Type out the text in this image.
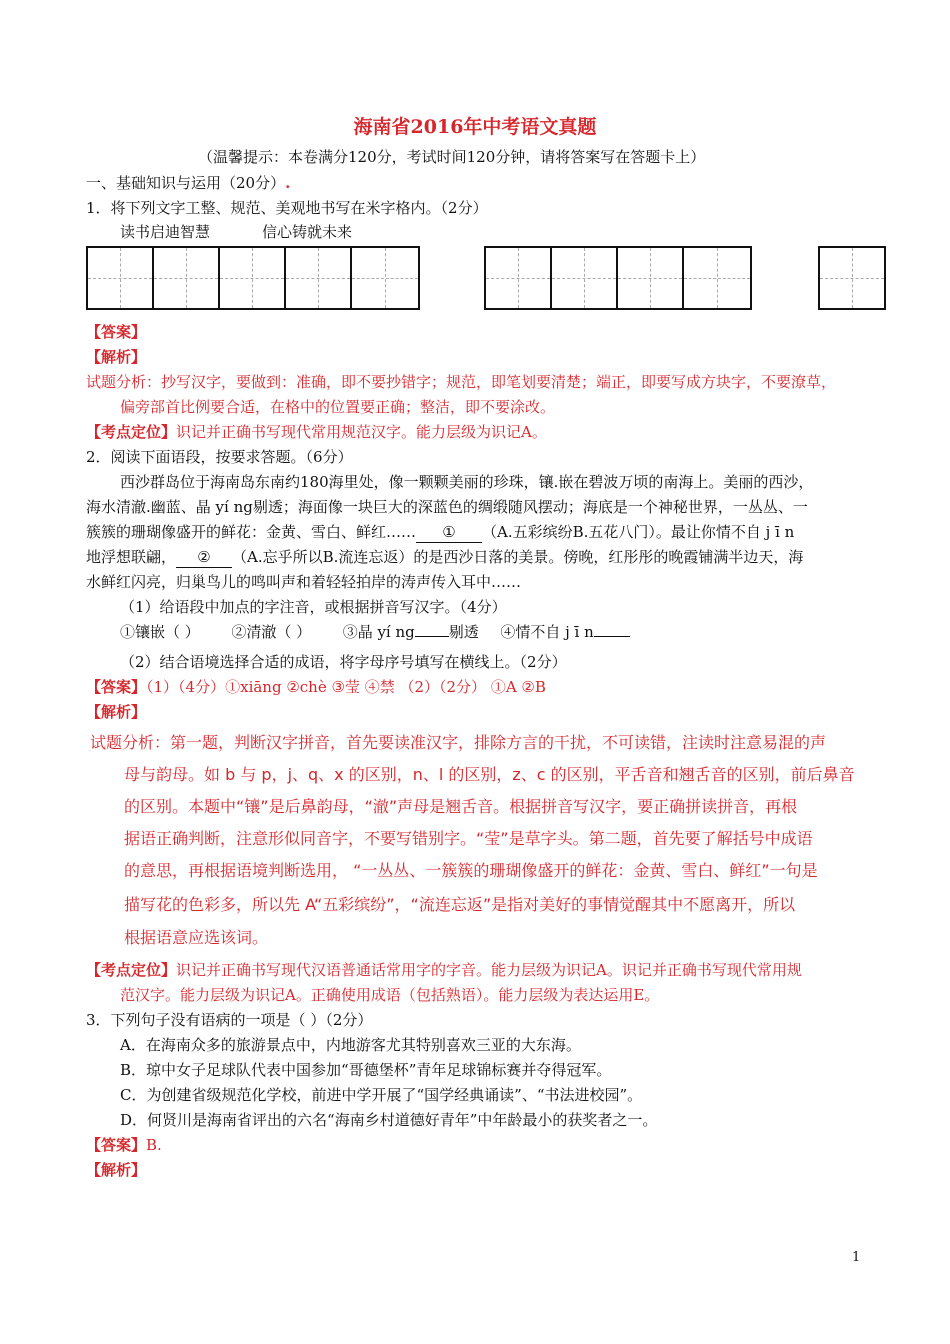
海南省2016年中考语文真题
（温馨提示：本卷满分120分，考试时间120分钟，请将答案写在答题卡上）
一、基础知识与运用（20分）.
1．将下列文字工整、规范、美观地书写在米字格内。（2分）
读书启迪智慧	信心铸就未来
【答案】
【解析】
试题分析：抄写汉字，要做到：准确，即不要抄错字；规范，即笔划要清楚；端正，即要写成方块字，不要潦草，
偏旁部首比例要合适，在格中的位置要正确；整洁，即不要涂改。
【考点定位】识记并正确书写现代常用规范汉字。能力层级为识记A。
2．阅读下面语段，按要求答题。（6分）
西沙群岛位于海南岛东南约180海里处，像一颗颗美丽的珍珠，镶.嵌在碧波万顷的南海上。美丽的西沙，
海水清澈.幽蓝、晶 yí ng剔透；海面像一块巨大的深蓝色的绸缎随风摆动；海底是一个神秘世界，一丛丛、一
簇簇的珊瑚像盛开的鲜花：金黄、雪白、鲜红…… ① （A.五彩缤纷B.五花八门）。最让你情不自 j ī n
地浮想联翩， ② （A.忘乎所以B.流连忘返）的是西沙日落的美景。傍晚，红彤彤的晚霞铺满半边天，海
水鲜红闪亮，归巢鸟儿的鸣叫声和着轻轻拍岸的涛声传入耳中……
（1）给语段中加点的字注音，或根据拼音写汉字。（4分）
①镶嵌（ ） ②清澈（ ） ③晶 yí ng 剔透 ④情不自 j ī n
（2）结合语境选择合适的成语，将字母序号填写在横线上。（2分）
【答案】（1）（4分）①xiāng ②chè ③莹 ④禁 （2）（2分） ①A ②B
【解析】
试题分析：第一题，判断汉字拼音，首先要读准汉字，排除方言的干扰，不可读错，注读时注意易混的声
母与韵母。如 b 与 p，j、q、x 的区别，n、l 的区别，z、c 的区别，平舌音和翘舌音的区别，前后鼻音
的区别。本题中“镶”是后鼻韵母，“澈”声母是翘舌音。根据拼音写汉字，要正确拼读拼音，再根
据语正确判断，注意形似同音字，不要写错别字。“莹”是草字头。第二题，首先要了解括号中成语
的意思，再根据语境判断选用， “一丛丛、一簇簇的珊瑚像盛开的鲜花：金黄、雪白、鲜红”一句是
描写花的色彩多，所以先 A“五彩缤纷”，“流连忘返”是指对美好的事情觉醒其中不愿离开，所以
根据语意应选该词。
【考点定位】识记并正确书写现代汉语普通话常用字的字音。能力层级为识记A。识记并正确书写现代常用规
范汉字。能力层级为识记A。正确使用成语（包括熟语）。能力层级为表达运用E。
3．下列句子没有语病的一项是（ ）（2分）
A．在海南众多的旅游景点中，内地游客尤其特别喜欢三亚的大东海。
B．琼中女子足球队代表中国参加“哥德堡杯”青年足球锦标赛并夺得冠军。
C．为创建省级规范化学校，前进中学开展了“国学经典诵读”、“书法进校园”。
D．何贤川是海南省评出的六名“海南乡村道德好青年”中年龄最小的获奖者之一。
【答案】B.
【解析】
1
